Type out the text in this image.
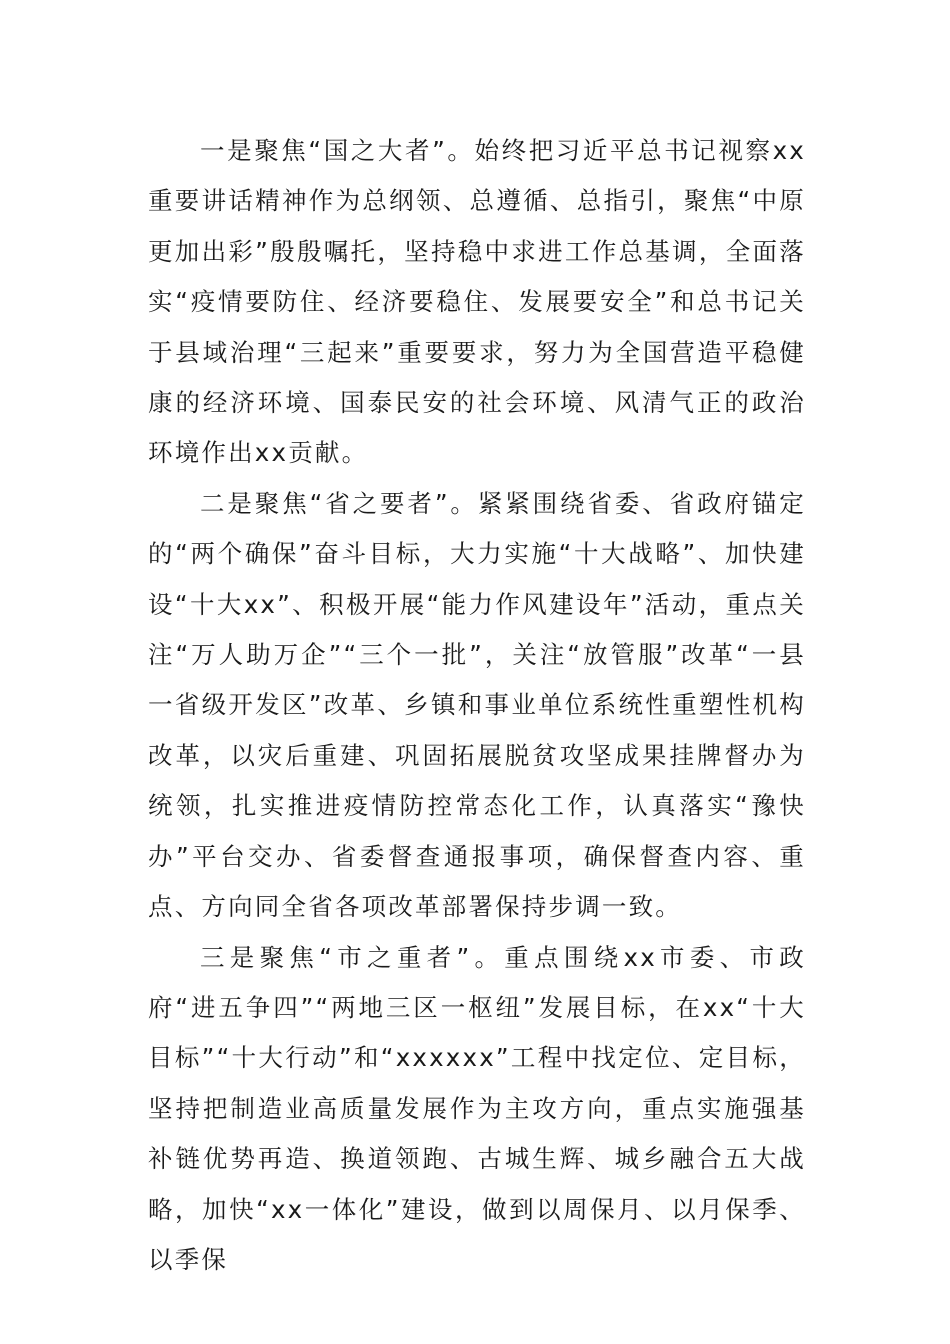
一是聚焦“国之大者”。始终把习近平总书记视察xx重要讲话精神作为总纲领、总遵循、总指引，聚焦“中原更加出彩”殷殷嘱托，坚持稳中求进工作总基调，全面落实“疫情要防住、经济要稳住、发展要安全”和总书记关于县域治理“三起来”重要要求，努力为全国营造平稳健康的经济环境、国泰民安的社会环境、风清气正的政治环境作出xx贡献。

二是聚焦“省之要者”。紧紧围绕省委、省政府锚定的“两个确保”奋斗目标，大力实施“十大战略”、加快建设“十大xx”、积极开展“能力作风建设年”活动，重点关注“万人助万企”“三个一批”，关注“放管服”改革“一县一省级开发区”改革、乡镇和事业单位系统性重塑性机构改革，以灾后重建、巩固拓展脱贫攻坚成果挂牌督办为统领，扎实推进疫情防控常态化工作，认真落实“豫快办”平台交办、省委督查通报事项，确保督查内容、重点、方向同全省各项改革部署保持步调一致。

三是聚焦“市之重者”。重点围绕xx市委、市政府“进五争四”“两地三区一枢纽”发展目标，在xx“十大目标”“十大行动”和“xxxxxx”工程中找定位、定目标，坚持把制造业高质量发展作为主攻方向，重点实施强基补链优势再造、换道领跑、古城生辉、城乡融合五大战略，加快“xx一体化”建设，做到以周保月、以月保季、以季保
